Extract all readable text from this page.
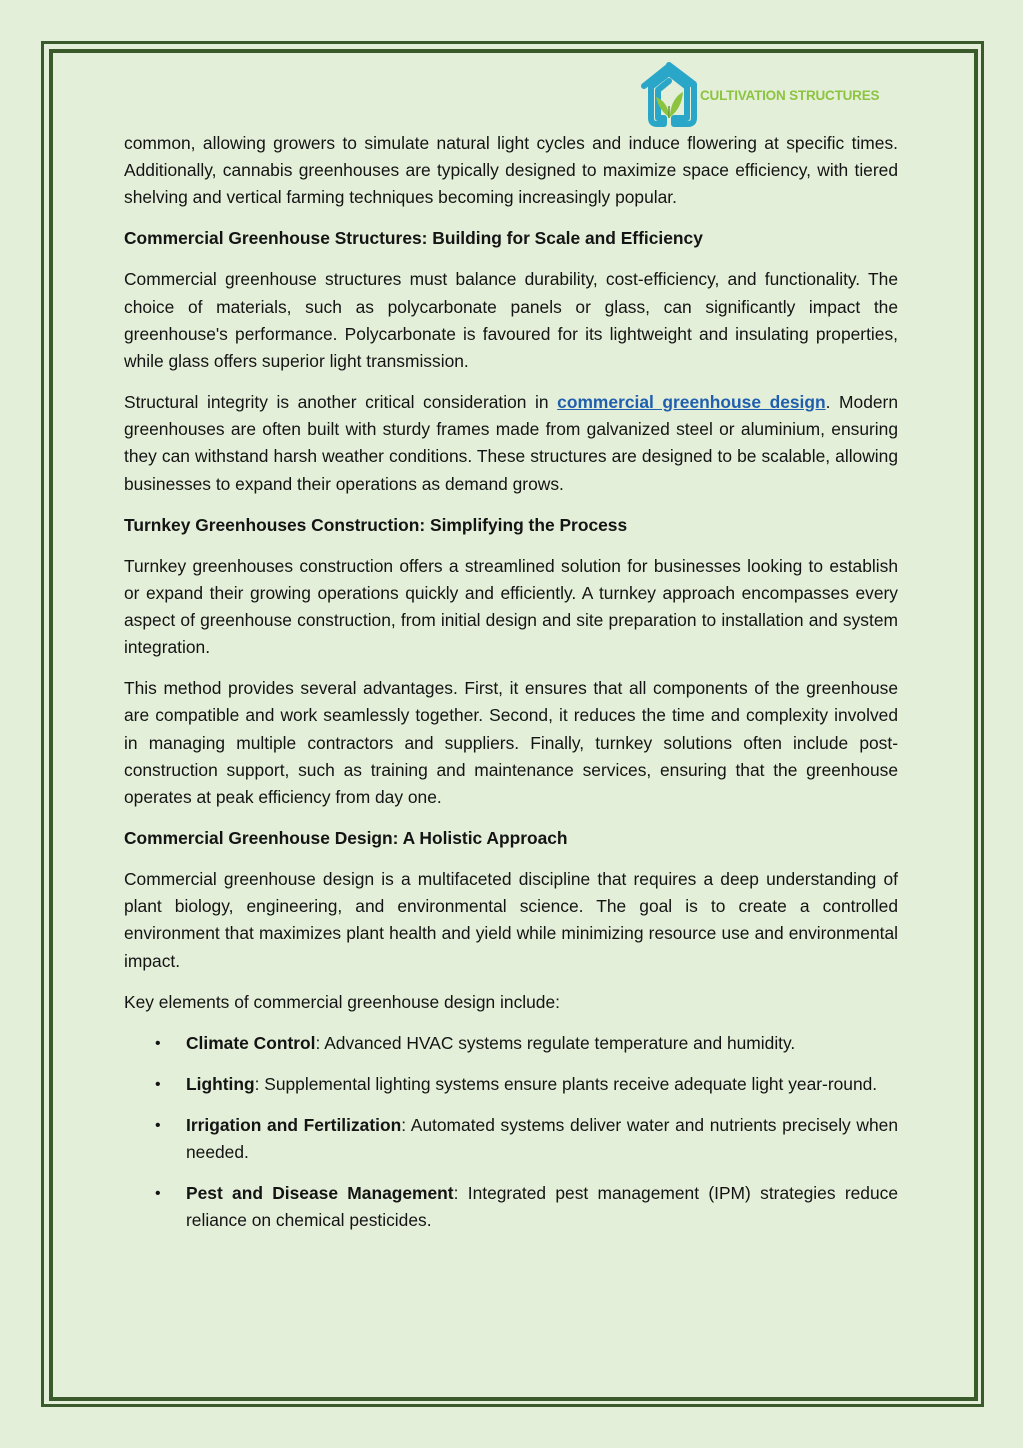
CULTIVATION STRUCTURES

common, allowing growers to simulate natural light cycles and induce flowering at specific times. Additionally, cannabis greenhouses are typically designed to maximize space efficiency, with tiered shelving and vertical farming techniques becoming increasingly popular.

Commercial Greenhouse Structures: Building for Scale and Efficiency

Commercial greenhouse structures must balance durability, cost-efficiency, and functionality. The choice of materials, such as polycarbonate panels or glass, can significantly impact the greenhouse's performance. Polycarbonate is favoured for its lightweight and insulating properties, while glass offers superior light transmission.

Structural integrity is another critical consideration in commercial greenhouse design. Modern greenhouses are often built with sturdy frames made from galvanized steel or aluminium, ensuring they can withstand harsh weather conditions. These structures are designed to be scalable, allowing businesses to expand their operations as demand grows.

Turnkey Greenhouses Construction: Simplifying the Process

Turnkey greenhouses construction offers a streamlined solution for businesses looking to establish or expand their growing operations quickly and efficiently. A turnkey approach encompasses every aspect of greenhouse construction, from initial design and site preparation to installation and system integration.

This method provides several advantages. First, it ensures that all components of the greenhouse are compatible and work seamlessly together. Second, it reduces the time and complexity involved in managing multiple contractors and suppliers. Finally, turnkey solutions often include post-construction support, such as training and maintenance services, ensuring that the greenhouse operates at peak efficiency from day one.

Commercial Greenhouse Design: A Holistic Approach

Commercial greenhouse design is a multifaceted discipline that requires a deep understanding of plant biology, engineering, and environmental science. The goal is to create a controlled environment that maximizes plant health and yield while minimizing resource use and environmental impact.

Key elements of commercial greenhouse design include:

• Climate Control: Advanced HVAC systems regulate temperature and humidity.
• Lighting: Supplemental lighting systems ensure plants receive adequate light year-round.
• Irrigation and Fertilization: Automated systems deliver water and nutrients precisely when needed.
• Pest and Disease Management: Integrated pest management (IPM) strategies reduce reliance on chemical pesticides.
